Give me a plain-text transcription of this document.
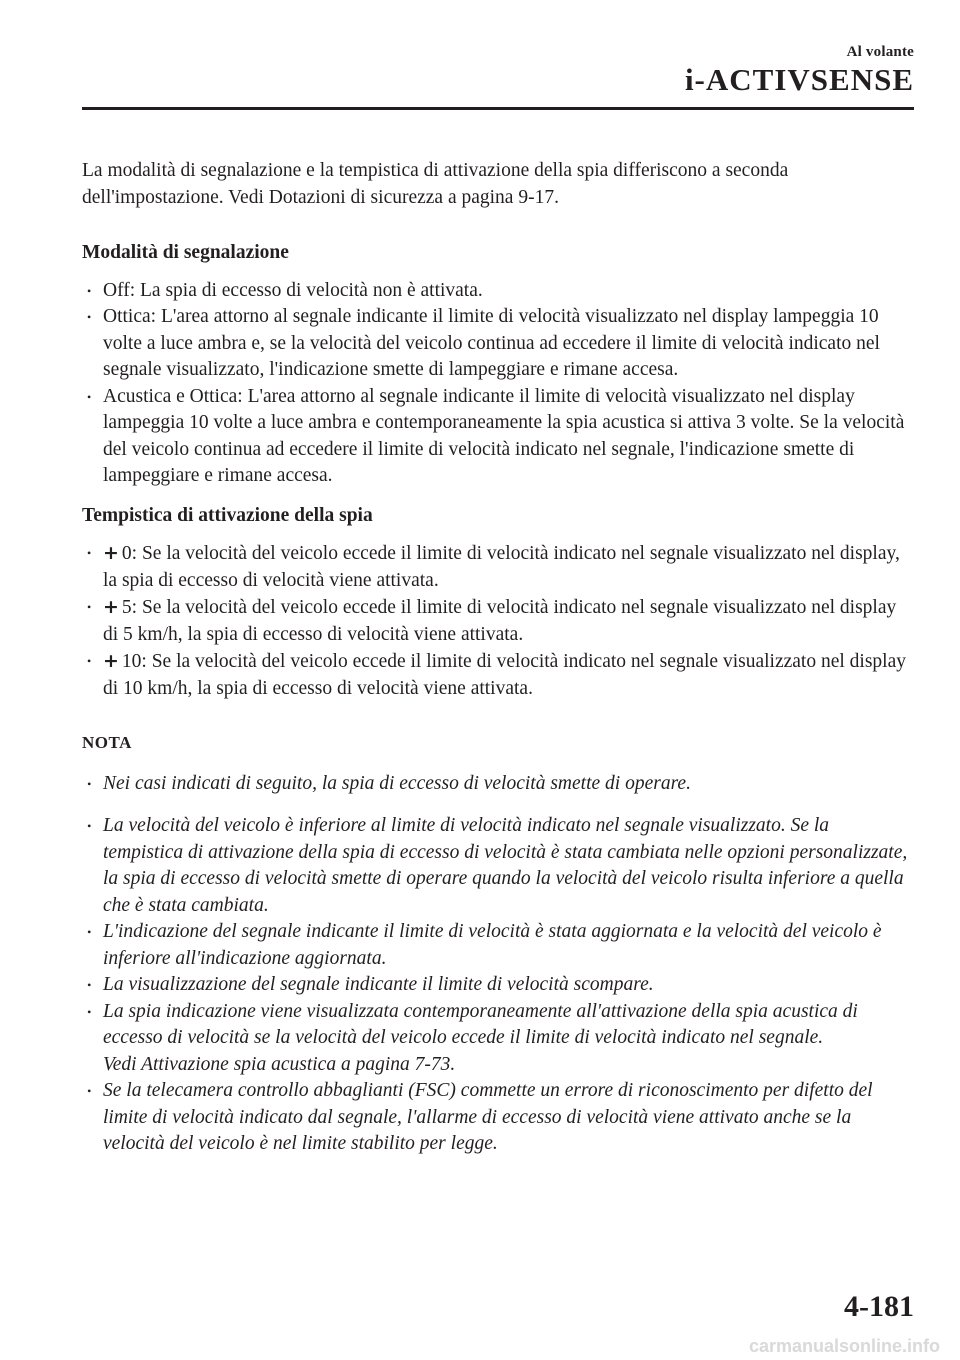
Al volante
i-ACTIVSENSE

La modalità di segnalazione e la tempistica di attivazione della spia differiscono a seconda dell'impostazione. Vedi Dotazioni di sicurezza a pagina 9-17.

Modalità di segnalazione
• Off: La spia di eccesso di velocità non è attivata.
• Ottica: L'area attorno al segnale indicante il limite di velocità visualizzato nel display lampeggia 10 volte a luce ambra e, se la velocità del veicolo continua ad eccedere il limite di velocità indicato nel segnale visualizzato, l'indicazione smette di lampeggiare e rimane accesa.
• Acustica e Ottica: L'area attorno al segnale indicante il limite di velocità visualizzato nel display lampeggia 10 volte a luce ambra e contemporaneamente la spia acustica si attiva 3 volte. Se la velocità del veicolo continua ad eccedere il limite di velocità indicato nel segnale, l'indicazione smette di lampeggiare e rimane accesa.
Tempistica di attivazione della spia
• + 0: Se la velocità del veicolo eccede il limite di velocità indicato nel segnale visualizzato nel display, la spia di eccesso di velocità viene attivata.
• + 5: Se la velocità del veicolo eccede il limite di velocità indicato nel segnale visualizzato nel display di 5 km/h, la spia di eccesso di velocità viene attivata.
• + 10: Se la velocità del veicolo eccede il limite di velocità indicato nel segnale visualizzato nel display di 10 km/h, la spia di eccesso di velocità viene attivata.
NOTA
• Nei casi indicati di seguito, la spia di eccesso di velocità smette di operare.
• La velocità del veicolo è inferiore al limite di velocità indicato nel segnale visualizzato. Se la tempistica di attivazione della spia di eccesso di velocità è stata cambiata nelle opzioni personalizzate, la spia di eccesso di velocità smette di operare quando la velocità del veicolo risulta inferiore a quella che è stata cambiata.
• L'indicazione del segnale indicante il limite di velocità è stata aggiornata e la velocità del veicolo è inferiore all'indicazione aggiornata.
• La visualizzazione del segnale indicante il limite di velocità scompare.
• La spia indicazione viene visualizzata contemporaneamente all'attivazione della spia acustica di eccesso di velocità se la velocità del veicolo eccede il limite di velocità indicato nel segnale.
Vedi Attivazione spia acustica a pagina 7-73.
• Se la telecamera controllo abbaglianti (FSC) commette un errore di riconoscimento per difetto del limite di velocità indicato dal segnale, l'allarme di eccesso di velocità viene attivato anche se la velocità del veicolo è nel limite stabilito per legge.
4-181
carmanualsonline.info
